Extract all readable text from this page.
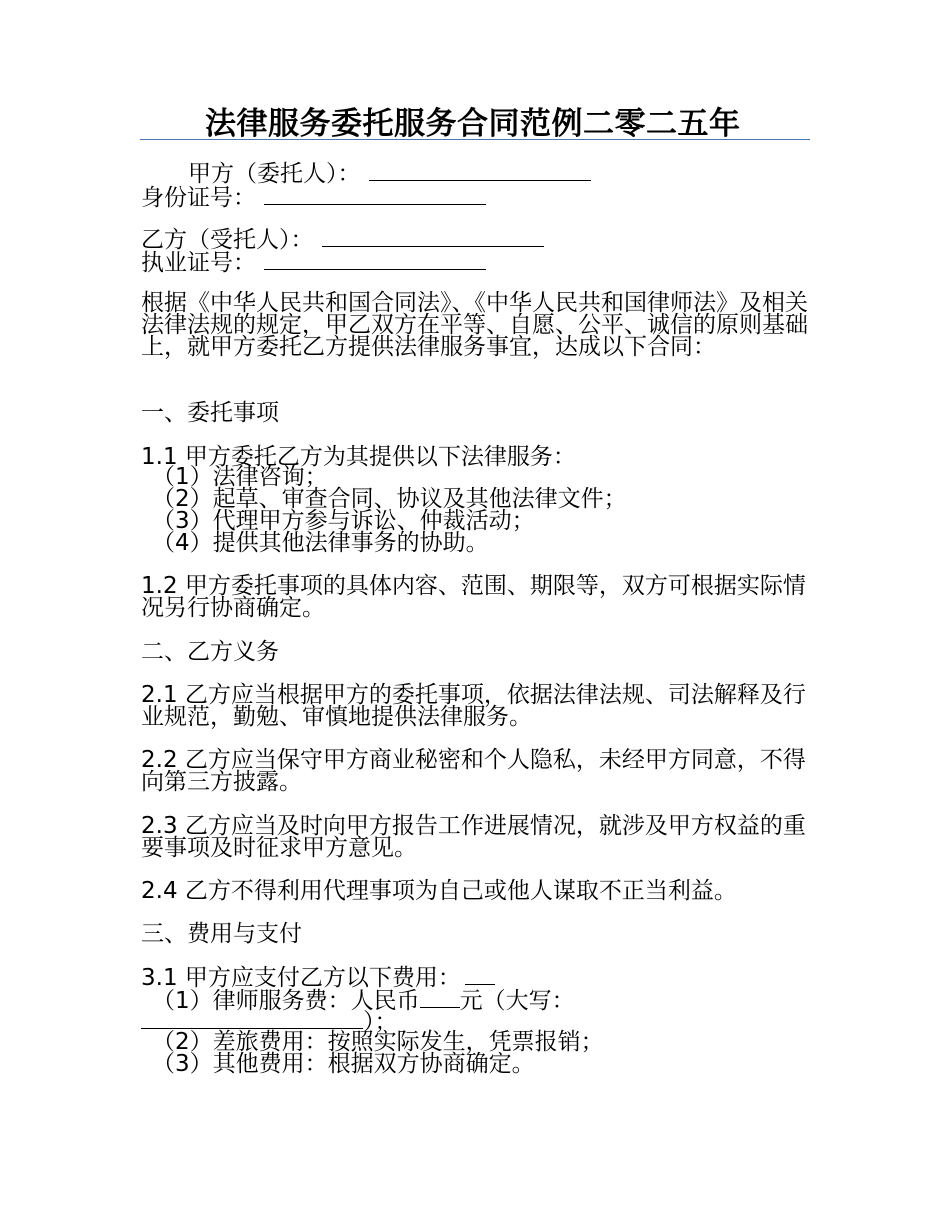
法律服务委托服务合同范例二零二五年
甲方（委托人）：
身份证号：
乙方（受托人）：
执业证号：
根据《中华人民共和国合同法》、《中华人民共和国律师法》及相关法律法规的规定，甲乙双方在平等、自愿、公平、诚信的原则基础上，就甲方委托乙方提供法律服务事宜，达成以下合同：
一、委托事项
1.1 甲方委托乙方为其提供以下法律服务：
（1）法律咨询；
（2）起草、审查合同、协议及其他法律文件；
（3）代理甲方参与诉讼、仲裁活动；
（4）提供其他法律事务的协助。
1.2 甲方委托事项的具体内容、范围、期限等，双方可根据实际情况另行协商确定。
二、乙方义务
2.1 乙方应当根据甲方的委托事项，依据法律法规、司法解释及行业规范，勤勉、审慎地提供法律服务。
2.2 乙方应当保守甲方商业秘密和个人隐私，未经甲方同意，不得向第三方披露。
2.3 乙方应当及时向甲方报告工作进展情况，就涉及甲方权益的重要事项及时征求甲方意见。
2.4 乙方不得利用代理事项为自己或他人谋取不正当利益。
三、费用与支付
3.1 甲方应支付乙方以下费用：
（1）律师服务费：人民币 元（大写：
）；
（2）差旅费用：按照实际发生，凭票报销；
（3）其他费用：根据双方协商确定。
